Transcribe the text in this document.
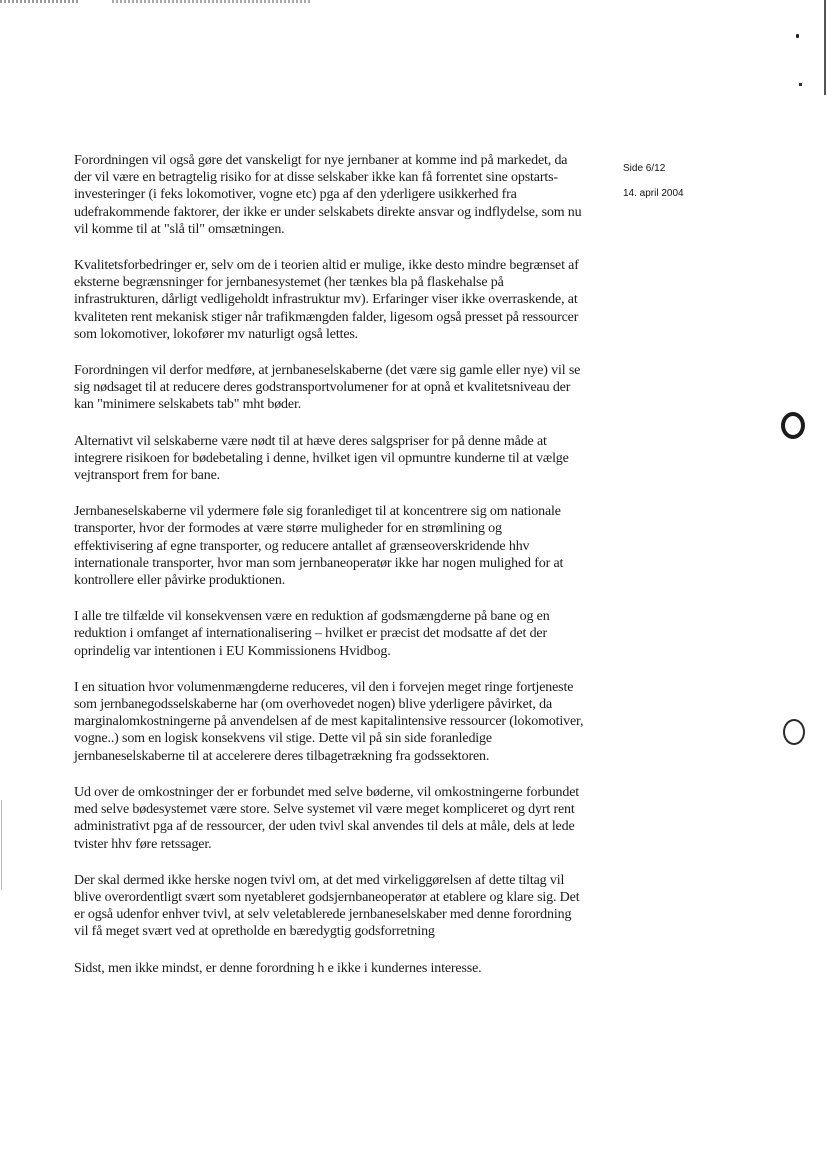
Side 6/12
14. april 2004

Forordningen vil også gøre det vanskeligt for nye jernbaner at komme ind på markedet, da der vil være en betragtelig risiko for at disse selskaber ikke kan få forrentet sine opstarts-investeringer (i feks lokomotiver, vogne etc) pga af den yderligere usikkerhed fra udefrakommende faktorer, der ikke er under selskabets direkte ansvar og indflydelse, som nu vil komme til at "slå til" omsætningen.

Kvalitetsforbedringer er, selv om de i teorien altid er mulige, ikke desto mindre begrænset af eksterne begrænsninger for jernbanesystemet (her tænkes bla på flaskehalse på infrastrukturen, dårligt vedligeholdt infrastruktur mv). Erfaringer viser ikke overraskende, at kvaliteten rent mekanisk stiger når trafikmængden falder, ligesom også presset på ressourcer som lokomotiver, lokofører mv naturligt også lettes.

Forordningen vil derfor medføre, at jernbaneselskaberne (det være sig gamle eller nye) vil se sig nødsaget til at reducere deres godstransportvolumener for at opnå et kvalitetsniveau der kan "minimere selskabets tab" mht bøder.

Alternativt vil selskaberne være nødt til at hæve deres salgspriser for på denne måde at integrere risikoen for bødebetaling i denne, hvilket igen vil opmuntre kunderne til at vælge vejtransport frem for bane.

Jernbaneselskaberne vil ydermere føle sig foranlediget til at koncentrere sig om nationale transporter, hvor der formodes at være større muligheder for en strømlining og effektivisering af egne transporter, og reducere antallet af grænseoverskridende hhv internationale transporter, hvor man som jernbaneoperatør ikke har nogen mulighed for at kontrollere eller påvirke produktionen.

I alle tre tilfælde vil konsekvensen være en reduktion af godsmængderne på bane og en reduktion i omfanget af internationalisering – hvilket er præcist det modsatte af det der oprindelig var intentionen i EU Kommissionens Hvidbog.

I en situation hvor volumenmængderne reduceres, vil den i forvejen meget ringe fortjeneste som jernbanegodsselskaberne har (om overhovedet nogen) blive yderligere påvirket, da marginalomkostningerne på anvendelsen af de mest kapitalintensive ressourcer (lokomotiver, vogne..) som en logisk konsekvens vil stige. Dette vil på sin side foranledige jernbaneselskaberne til at accelerere deres tilbagetrækning fra godssektoren.

Ud over de omkostninger der er forbundet med selve bøderne, vil omkostningerne forbundet med selve bødesystemet være store. Selve systemet vil være meget kompliceret og dyrt rent administrativt pga af de ressourcer, der uden tvivl skal anvendes til dels at måle, dels at lede tvister hhv føre retssager.

Der skal dermed ikke herske nogen tvivl om, at det med virkeliggørelsen af dette tiltag vil blive overordentligt svært som nyetableret godsjernbaneoperatør at etablere og klare sig. Det er også udenfor enhver tvivl, at selv veletablerede jernbaneselskaber med denne forordning vil få meget svært ved at opretholde en bæredygtig godsforretning

Sidst, men ikke mindst, er denne forordning h e ikke i kundernes interesse.
